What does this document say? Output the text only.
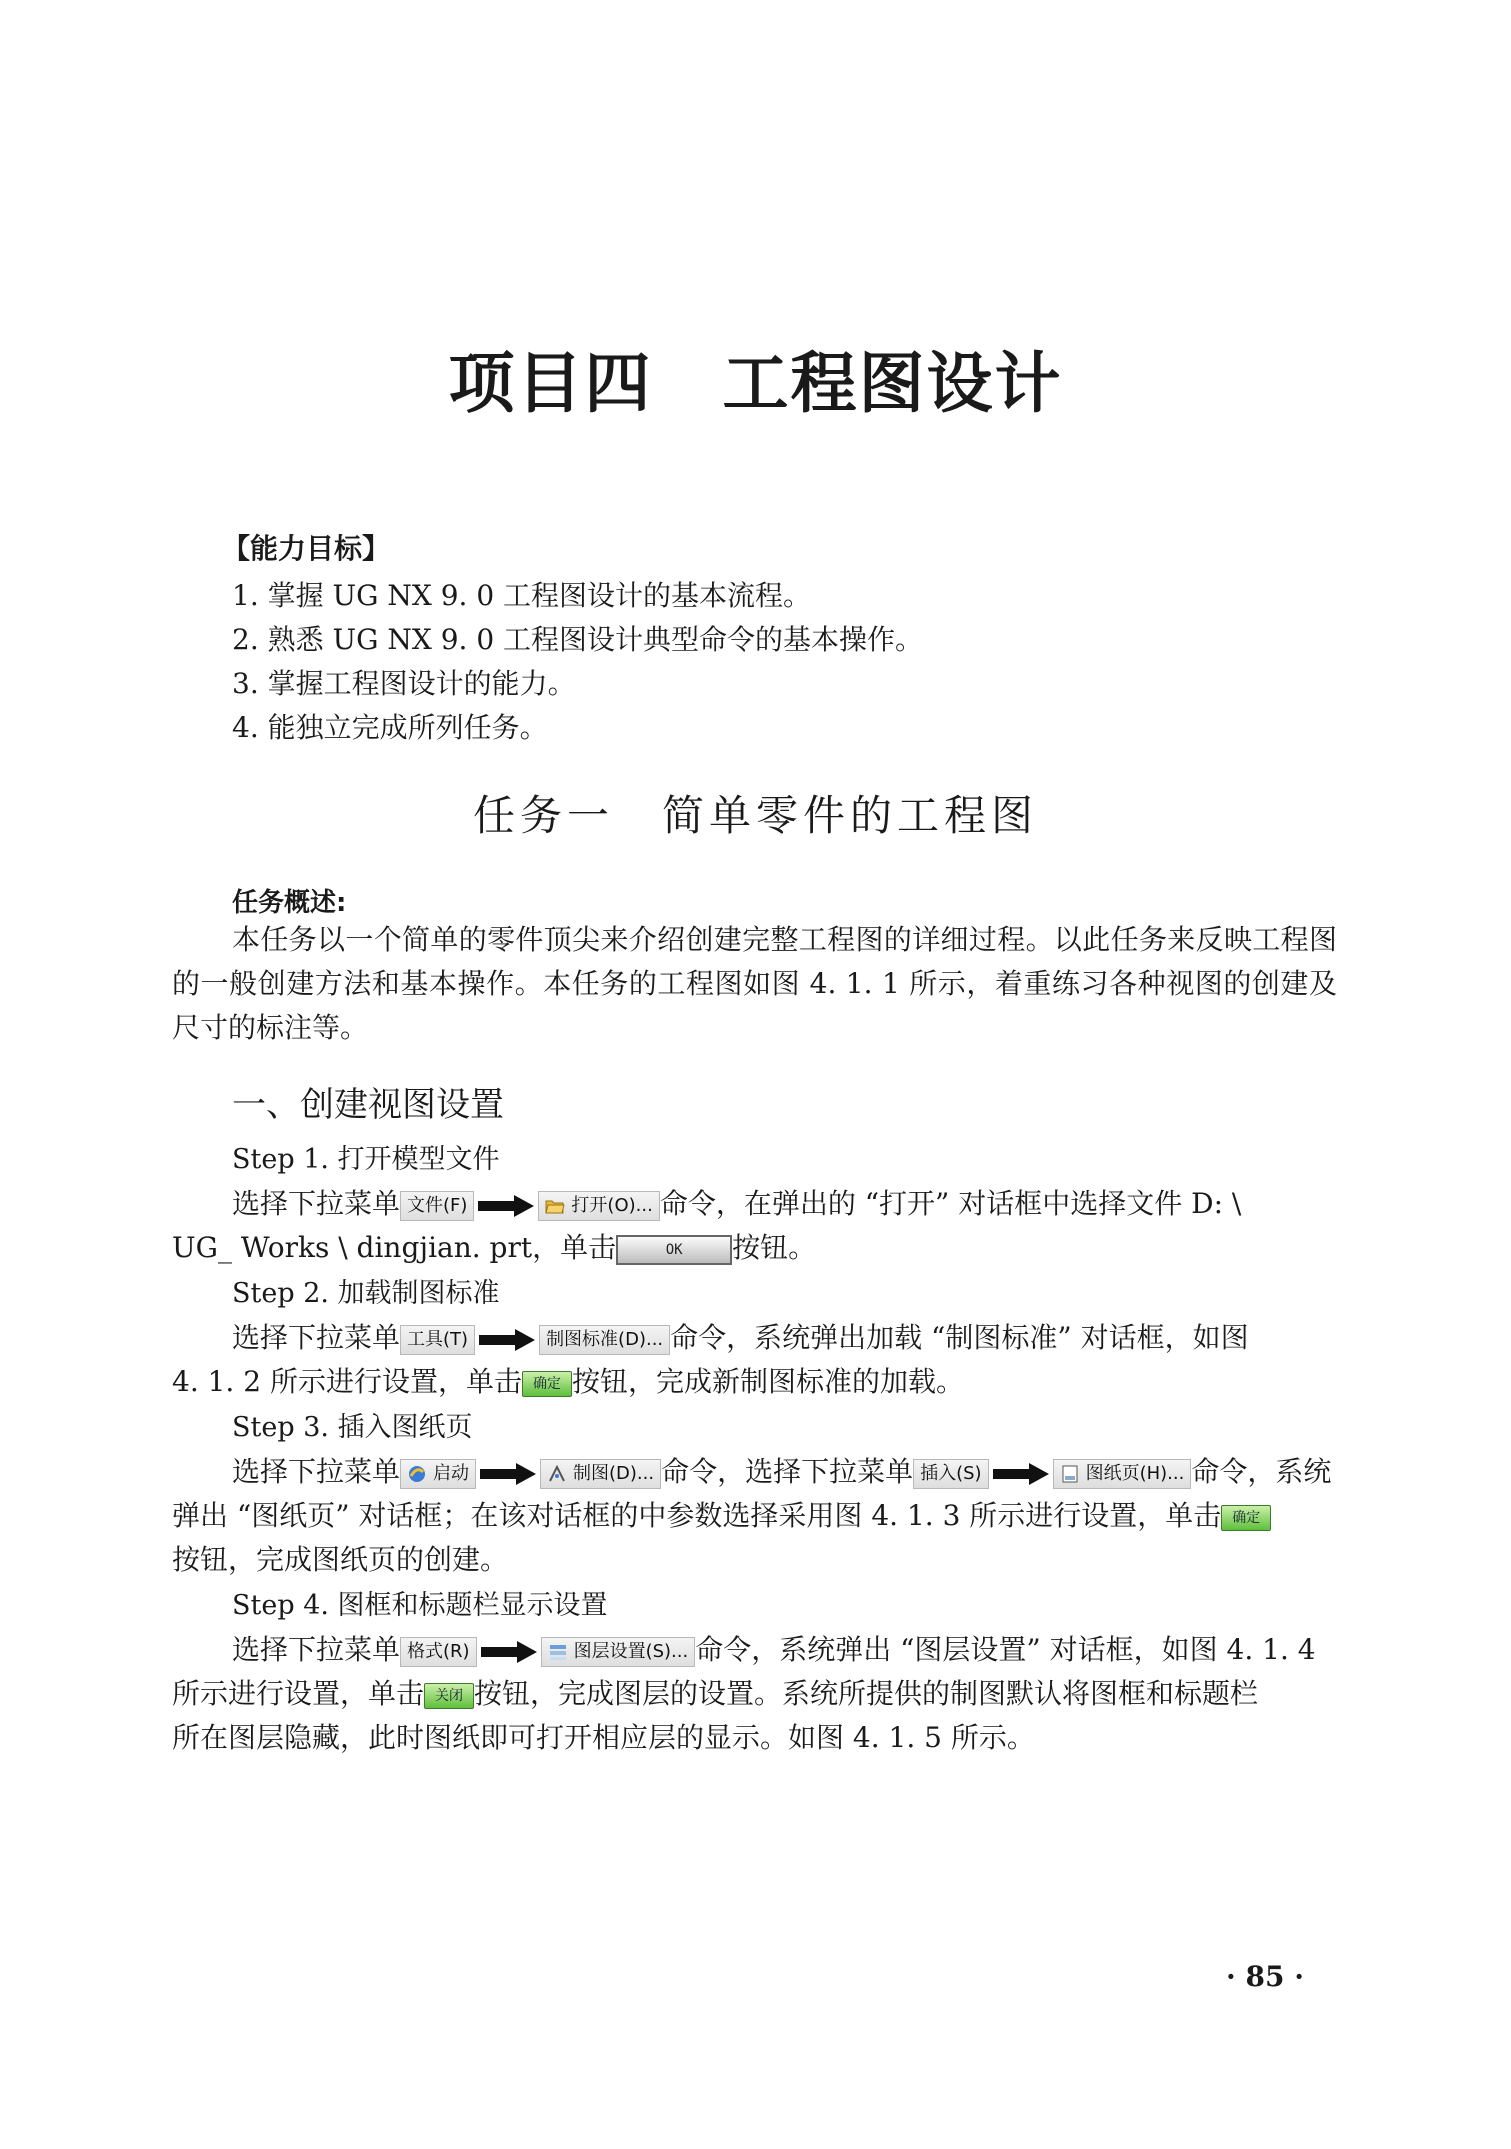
项目四 工程图设计
【能力目标】
1. 掌握 UG NX 9. 0 工程图设计的基本流程。
2. 熟悉 UG NX 9. 0 工程图设计典型命令的基本操作。
3. 掌握工程图设计的能力。
4. 能独立完成所列任务。
任务一 简单零件的工程图
任务概述:

本任务以一个简单的零件顶尖来介绍创建完整工程图的详细过程。以此任务来反映工程图的一般创建方法和基本操作。本任务的工程图如图 4. 1. 1 所示，着重练习各种视图的创建及尺寸的标注等。

一、创建视图设置
Step 1. 打开模型文件
选择下拉菜单 文件(F)	打开(O)... 命令，在弹出的 “打开” 对话框中选择文件 D: \
UG_ Works \ dingjian. prt，单击	OK 按钮。
Step 2. 加载制图标准
选择下拉菜单 工具(T)	制图标准(D)... 命令，系统弹出加载 “制图标准” 对话框，如图
4. 1. 2 所示进行设置，单击 确定 按钮，完成新制图标准的加载。
Step 3. 插入图纸页
选择下拉菜单 启动	制图(D)... 命令，选择下拉菜单 插入(S)	图纸页(H)... 命令，系统
弹出 “图纸页” 对话框；在该对话框的中参数选择采用图 4. 1. 3 所示进行设置，单击 确定
按钮，完成图纸页的创建。
Step 4. 图框和标题栏显示设置
选择下拉菜单 格式(R)	图层设置(S)... 命令，系统弹出 “图层设置” 对话框，如图 4. 1. 4
所示进行设置，单击 关闭 按钮，完成图层的设置。系统所提供的制图默认将图框和标题栏
所在图层隐藏，此时图纸即可打开相应层的显示。如图 4. 1. 5 所示。
· 85 ·
